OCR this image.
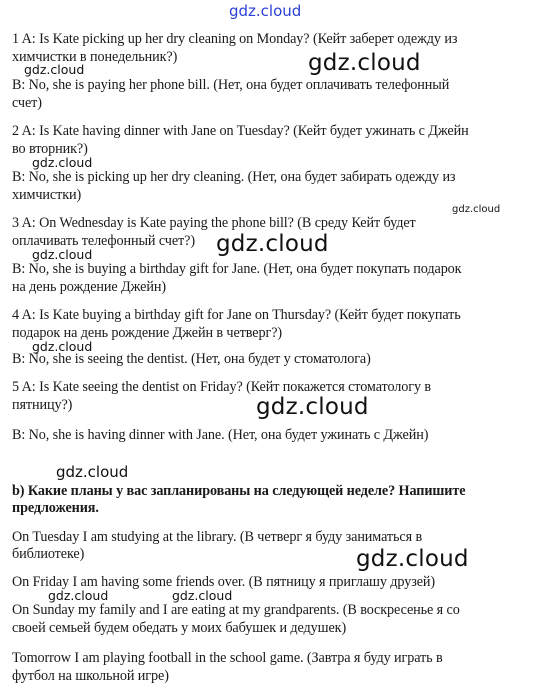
gdz.cloud
gdz.cloud	gdz.cloud
gdz.cloud
gdz.cloud
gdz.cloud
gdz.cloud
gdz.cloud
gdz.cloud
gdz.cloud
gdz.cloud
gdz.cloud	gdz.cloud
1 A: Is Kate picking up her dry cleaning on Monday? (Кейт заберет одежду из
химчистки в понедельник?)
B: No, she is paying her phone bill. (Нет, она будет оплачивать телефонный
счет)
2 A: Is Kate having dinner with Jane on Tuesday? (Кейт будет ужинать с Джейн
во вторник?)
B: No, she is picking up her dry cleaning. (Нет, она будет забирать одежду из
химчистки)
3 A: On Wednesday is Kate paying the phone bill? (В среду Кейт будет
оплачивать телефонный счет?)
B: No, she is buying a birthday gift for Jane. (Нет, она будет покупать подарок
на день рождение Джейн)
4 A: Is Kate buying a birthday gift for Jane on Thursday? (Кейт будет покупать
подарок на день рождение Джейн в четверг?)
B: No, she is seeing the dentist. (Нет, она будет у стоматолога)
5 A: Is Kate seeing the dentist on Friday? (Кейт покажется стоматологу в
пятницу?)
B: No, she is having dinner with Jane. (Нет, она будет ужинать с Джейн)
b) Какие планы у вас запланированы на следующей неделе? Напишите
предложения.
On Tuesday I am studying at the library. (В четверг я буду заниматься в
библиотеке)
On Friday I am having some friends over. (В пятницу я приглашу друзей)
On Sunday my family and I are eating at my grandparents. (В воскресенье я со
своей семьей будем обедать у моих бабушек и дедушек)
Tomorrow I am playing football in the school game. (Завтра я буду играть в
футбол на школьной игре)
